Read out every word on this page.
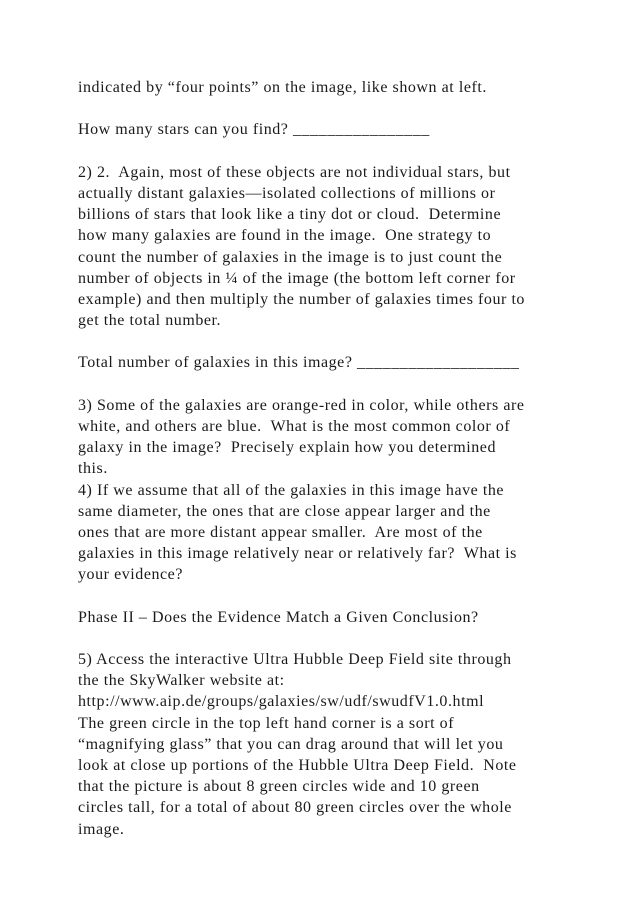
indicated by “four points” on the image, like shown at left.
How many stars can you find? ________________
2) 2.  Again, most of these objects are not individual stars, but
actually distant galaxies—isolated collections of millions or
billions of stars that look like a tiny dot or cloud.  Determine
how many galaxies are found in the image.  One strategy to
count the number of galaxies in the image is to just count the
number of objects in ¼ of the image (the bottom left corner for
example) and then multiply the number of galaxies times four to
get the total number.
Total number of galaxies in this image? ___________________
3) Some of the galaxies are orange-red in color, while others are
white, and others are blue.  What is the most common color of
galaxy in the image?  Precisely explain how you determined
this.
4) If we assume that all of the galaxies in this image have the
same diameter, the ones that are close appear larger and the
ones that are more distant appear smaller.  Are most of the
galaxies in this image relatively near or relatively far?  What is
your evidence?
Phase II – Does the Evidence Match a Given Conclusion?
5) Access the interactive Ultra Hubble Deep Field site through
the the SkyWalker website at:
http://www.aip.de/groups/galaxies/sw/udf/swudfV1.0.html
The green circle in the top left hand corner is a sort of
“magnifying glass” that you can drag around that will let you
look at close up portions of the Hubble Ultra Deep Field.  Note
that the picture is about 8 green circles wide and 10 green
circles tall, for a total of about 80 green circles over the whole
image.
